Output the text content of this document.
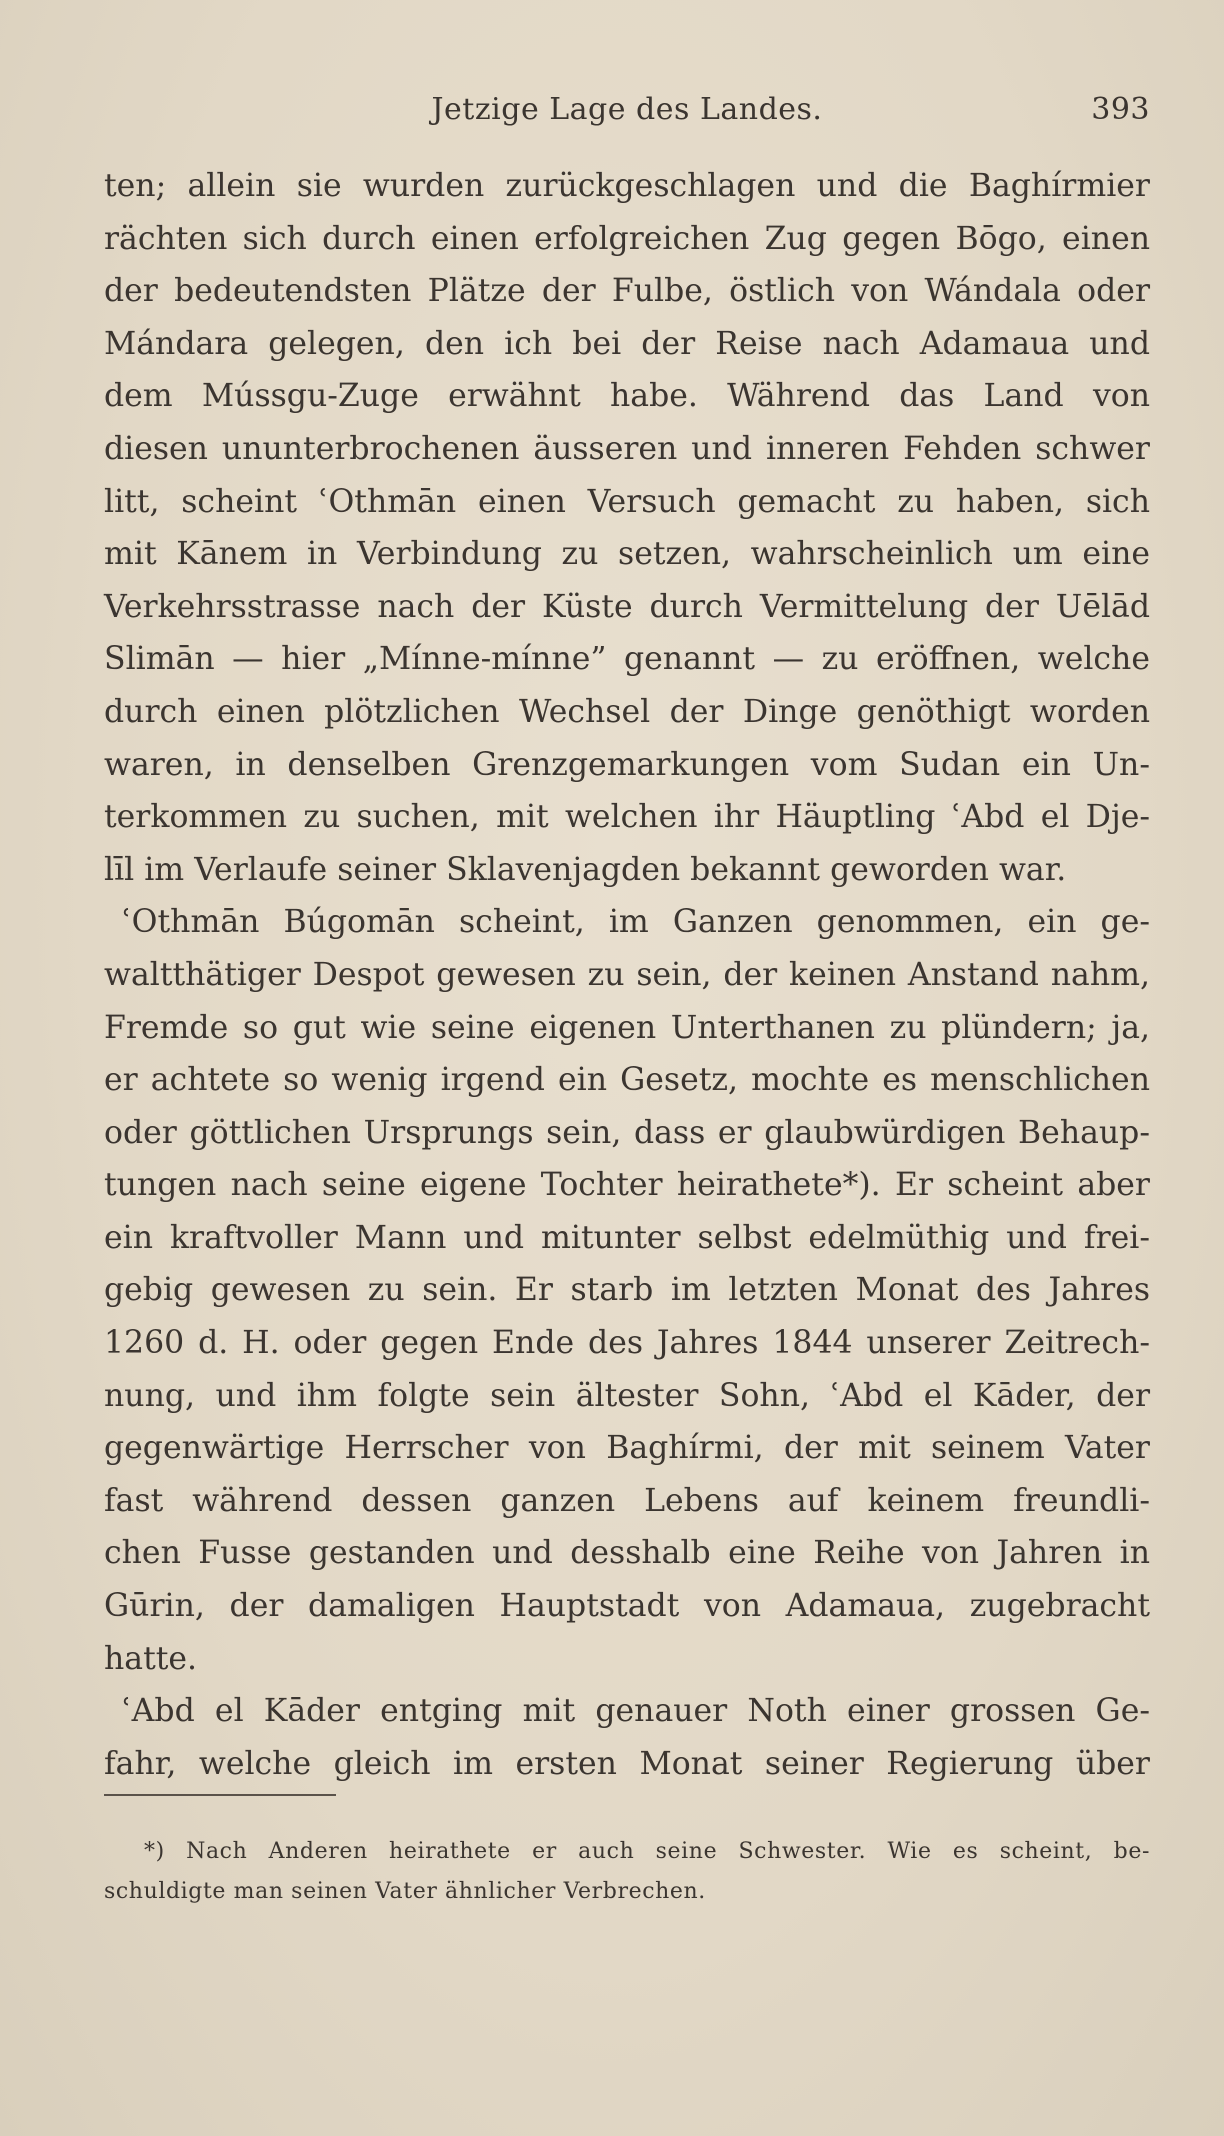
Jetzige Lage des Landes.	393
ten; allein sie wurden zurückgeschlagen und die Baghírmier
rächten sich durch einen erfolgreichen Zug gegen Bōgo, einen
der bedeutendsten Plätze der Fulbe, östlich von Wándala oder
Mándara gelegen, den ich bei der Reise nach Adamaua und
dem Mússgu-Zuge erwähnt habe. Während das Land von
diesen ununterbrochenen äusseren und inneren Fehden schwer
litt, scheint ʿOthmān einen Versuch gemacht zu haben, sich
mit Kānem in Verbindung zu setzen, wahrscheinlich um eine
Verkehrsstrasse nach der Küste durch Vermittelung der Uēlād
Slimān — hier „Mínne-mínne” genannt — zu eröffnen, welche
durch einen plötzlichen Wechsel der Dinge genöthigt worden
waren, in denselben Grenzgemarkungen vom Sudan ein Un-
terkommen zu suchen, mit welchen ihr Häuptling ʿAbd el Dje-
līl im Verlaufe seiner Sklavenjagden bekannt geworden war.
ʿOthmān Búgomān scheint, im Ganzen genommen, ein ge-
waltthätiger Despot gewesen zu sein, der keinen Anstand nahm,
Fremde so gut wie seine eigenen Unterthanen zu plündern; ja,
er achtete so wenig irgend ein Gesetz, mochte es menschlichen
oder göttlichen Ursprungs sein, dass er glaubwürdigen Behaup-
tungen nach seine eigene Tochter heirathete*). Er scheint aber
ein kraftvoller Mann und mitunter selbst edelmüthig und frei-
gebig gewesen zu sein. Er starb im letzten Monat des Jahres
1260 d. H. oder gegen Ende des Jahres 1844 unserer Zeitrech-
nung, und ihm folgte sein ältester Sohn, ʿAbd el Kāder, der
gegenwärtige Herrscher von Baghírmi, der mit seinem Vater
fast während dessen ganzen Lebens auf keinem freundli-
chen Fusse gestanden und desshalb eine Reihe von Jahren in
Gūrin, der damaligen Hauptstadt von Adamaua, zugebracht
hatte.
ʿAbd el Kāder entging mit genauer Noth einer grossen Ge-
fahr, welche gleich im ersten Monat seiner Regierung über
*) Nach Anderen heirathete er auch seine Schwester. Wie es scheint, be-
schuldigte man seinen Vater ähnlicher Verbrechen.
